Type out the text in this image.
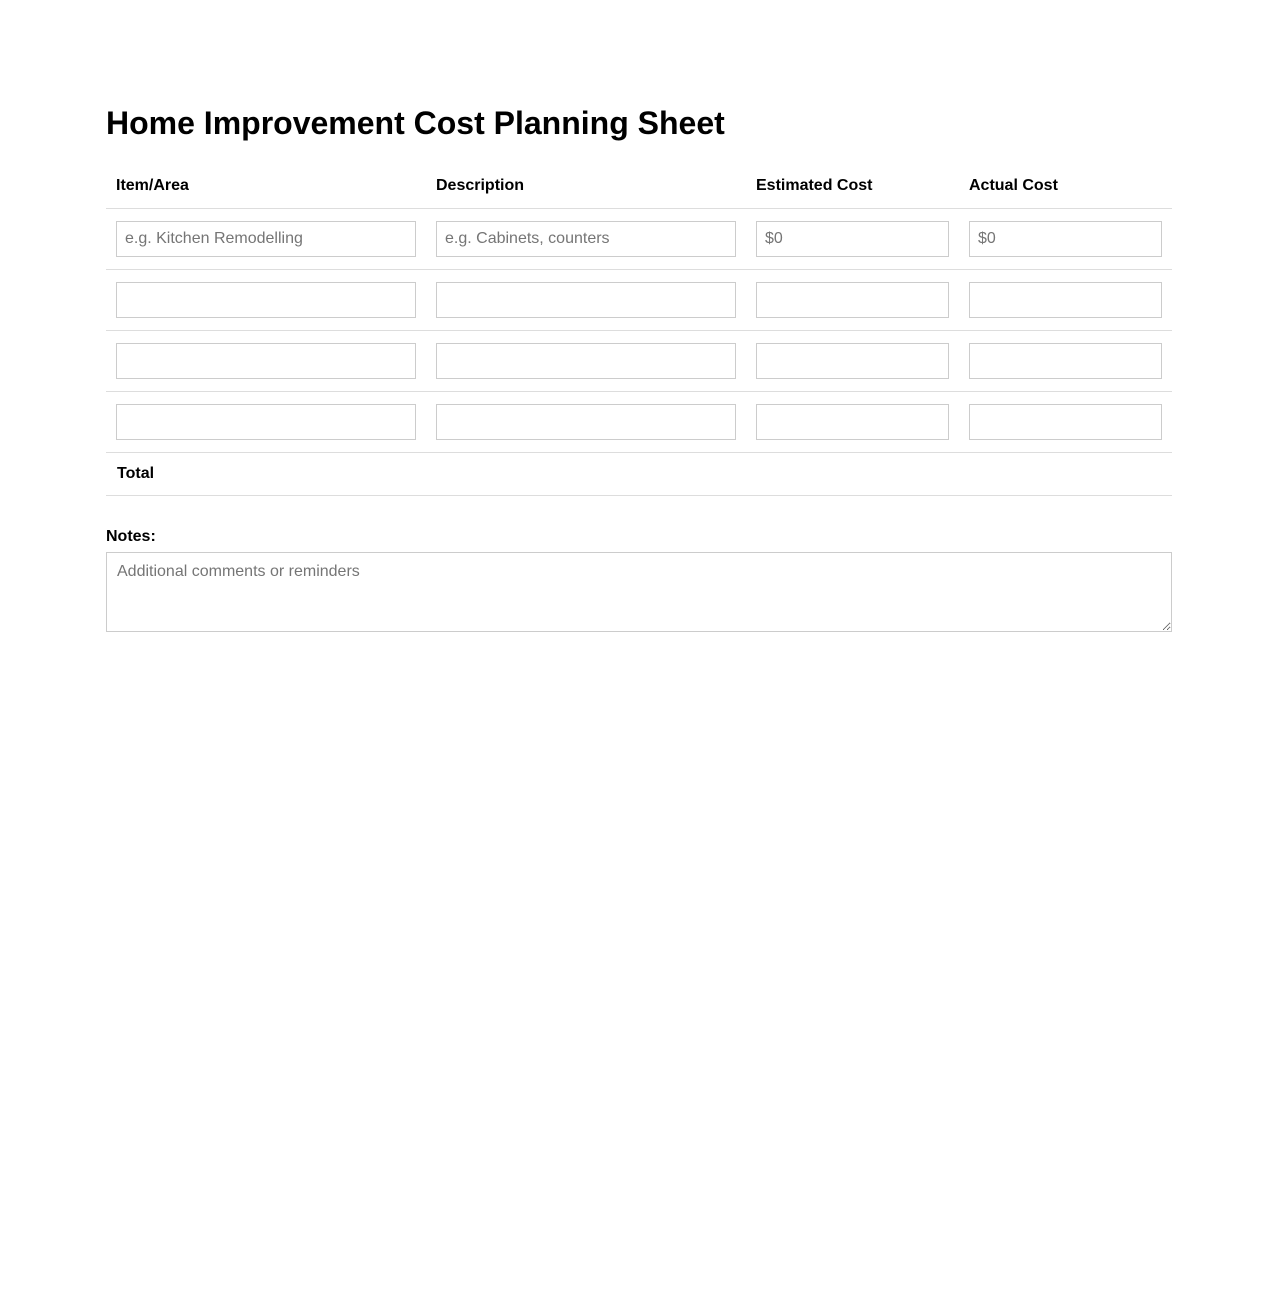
Home Improvement Cost Planning Sheet
Item/Area	Description	Estimated Cost	Actual Cost
e.g. Kitchen Remodelling	e.g. Cabinets, counters	$0	$0

Total			
Notes:
Additional comments or reminders
